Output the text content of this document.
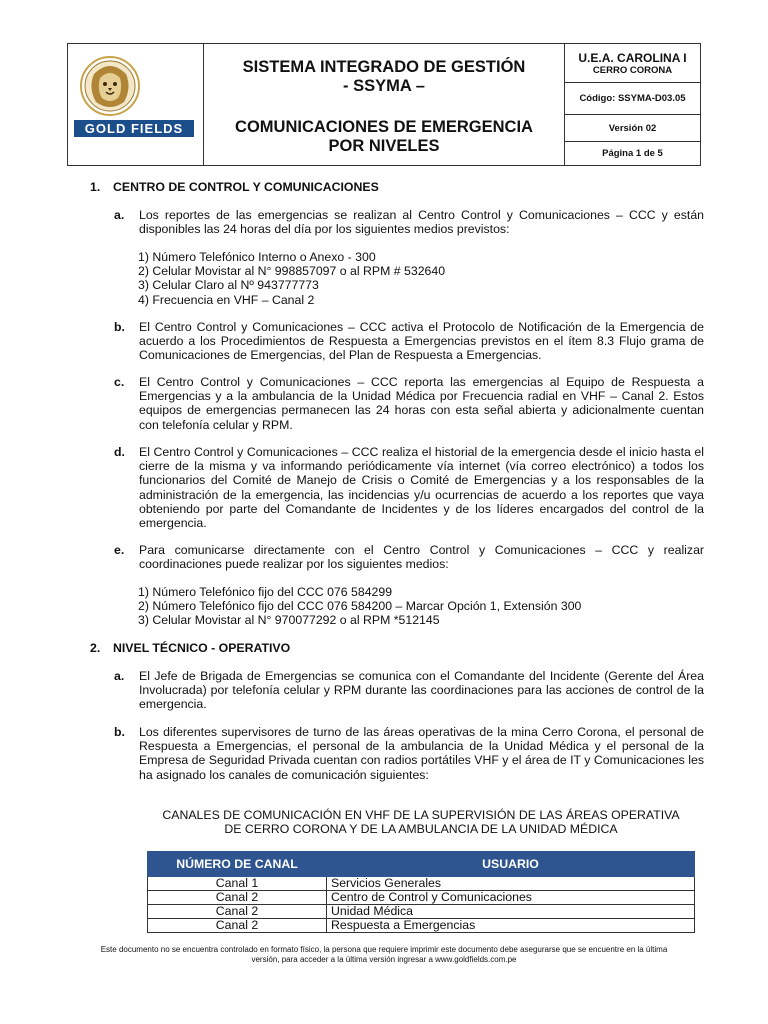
GOLD FIELDS
SISTEMA INTEGRADO DE GESTIÓN
- SSYMA –
COMUNICACIONES DE EMERGENCIA
POR NIVELES
U.E.A. CAROLINA I
CERRO CORONA
Código: SSYMA-D03.05
Versión 02
Página 1 de 5
1. CENTRO DE CONTROL Y COMUNICACIONES
a. Los reportes de las emergencias se realizan al Centro Control y Comunicaciones – CCC y están disponibles las 24 horas del día por los siguientes medios previstos:
1) Número Telefónico Interno o Anexo - 300
2) Celular Movistar al N° 998857097 o al RPM # 532640
3) Celular Claro al Nº 943777773
4) Frecuencia en VHF – Canal 2
b. El Centro Control y Comunicaciones – CCC activa el Protocolo de Notificación de la Emergencia de acuerdo a los Procedimientos de Respuesta a Emergencias previstos en el ítem 8.3 Flujo grama de Comunicaciones de Emergencias, del Plan de Respuesta a Emergencias.
c. El Centro Control y Comunicaciones – CCC reporta las emergencias al Equipo de Respuesta a Emergencias y a la ambulancia de la Unidad Médica por Frecuencia radial en VHF – Canal 2. Estos equipos de emergencias permanecen las 24 horas con esta señal abierta y adicionalmente cuentan con telefonía celular y RPM.
d. El Centro Control y Comunicaciones – CCC realiza el historial de la emergencia desde el inicio hasta el cierre de la misma y va informando periódicamente vía internet (vía correo electrónico) a todos los funcionarios del Comité de Manejo de Crisis o Comité de Emergencias y a los responsables de la administración de la emergencia, las incidencias y/u ocurrencias de acuerdo a los reportes que vaya obteniendo por parte del Comandante de Incidentes y de los líderes encargados del control de la emergencia.
e. Para comunicarse directamente con el Centro Control y Comunicaciones – CCC y realizar coordinaciones puede realizar por los siguientes medios:
1) Número Telefónico fijo del CCC 076 584299
2) Número Telefónico fijo del CCC 076 584200 – Marcar Opción 1, Extensión 300
3) Celular Movistar al N° 970077292 o al RPM *512145
2. NIVEL TÉCNICO - OPERATIVO
a. El Jefe de Brigada de Emergencias se comunica con el Comandante del Incidente (Gerente del Área Involucrada) por telefonía celular y RPM durante las coordinaciones para las acciones de control de la emergencia.
b. Los diferentes supervisores de turno de las áreas operativas de la mina Cerro Corona, el personal de Respuesta a Emergencias, el personal de la ambulancia de la Unidad Médica y el personal de la Empresa de Seguridad Privada cuentan con radios portátiles VHF y el área de IT y Comunicaciones les ha asignado los canales de comunicación siguientes:
CANALES DE COMUNICACIÓN EN VHF DE LA SUPERVISIÓN DE LAS ÁREAS OPERATIVA
DE CERRO CORONA Y DE LA AMBULANCIA DE LA UNIDAD MÉDICA
NÚMERO DE CANAL	USUARIO
Canal 1	Servicios Generales
Canal 2	Centro de Control y Comunicaciones
Canal 2	Unidad Médica
Canal 2	Respuesta a Emergencias
Este documento no se encuentra controlado en formato físico, la persona que requiere imprimir este documento debe asegurarse que se encuentre en la última
versión, para acceder a la última versión ingresar a www.goldfields.com.pe
